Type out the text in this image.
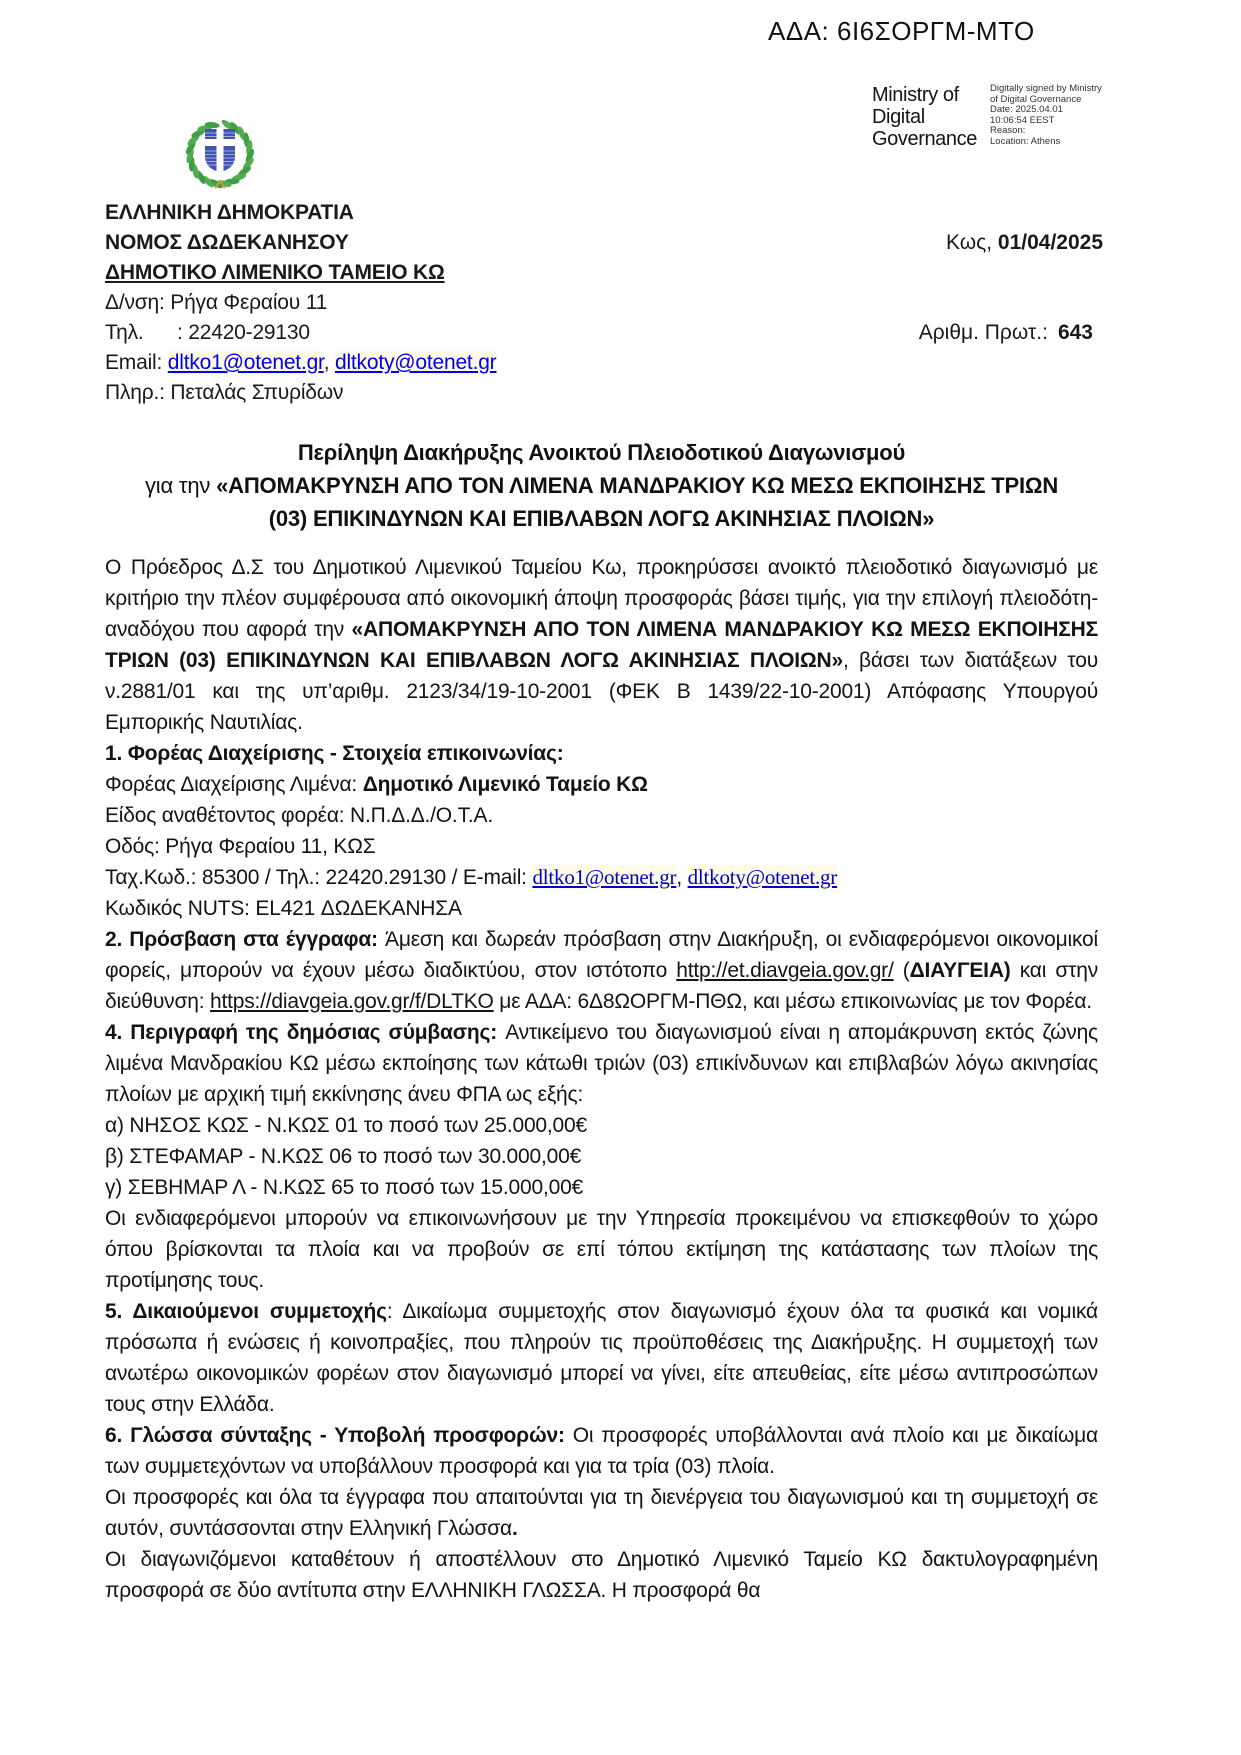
ΑΔΑ: 6Ι6ΣΟΡΓΜ-ΜΤΟ
Ministry of Digital Governance
Digitally signed by Ministry
of Digital Governance
Date: 2025.04.01
10:06:54 EEST
Reason:
Location: Athens
ΕΛΛΗΝΙΚΗ ΔΗΜΟΚΡΑΤΙΑ
ΝΟΜΟΣ ΔΩΔΕΚΑΝΗΣΟΥ
ΔΗΜΟΤΙΚΟ ΛΙΜΕΝΙΚΟ ΤΑΜΕΙΟ ΚΩ
Δ/νση: Ρήγα Φεραίου 11
Τηλ. : 22420-29130
Email: dltko1@otenet.gr, dltkoty@otenet.gr
Πληρ.: Πεταλάς Σπυρίδων
Κως, 01/04/2025
Αριθμ. Πρωτ.: 643
Περίληψη Διακήρυξης Ανοικτού Πλειοδοτικού Διαγωνισμού
για την «ΑΠΟΜΑΚΡΥΝΣΗ ΑΠΟ ΤΟΝ ΛΙΜΕΝΑ ΜΑΝΔΡΑΚΙΟΥ ΚΩ ΜΕΣΩ ΕΚΠΟΙΗΣΗΣ ΤΡΙΩΝ
(03) ΕΠΙΚΙΝΔΥΝΩΝ ΚΑΙ ΕΠΙΒΛΑΒΩΝ ΛΟΓΩ ΑΚΙΝΗΣΙΑΣ ΠΛΟΙΩΝ»

Ο Πρόεδρος Δ.Σ του Δημοτικού Λιμενικού Ταμείου Κω, προκηρύσσει ανοικτό πλειοδοτικό διαγωνισμό με κριτήριο την πλέον συμφέρουσα από οικονομική άποψη προσφοράς βάσει τιμής, για την επιλογή πλειοδότη-αναδόχου που αφορά την «ΑΠΟΜΑΚΡΥΝΣΗ ΑΠΟ ΤΟΝ ΛΙΜΕΝΑ ΜΑΝΔΡΑΚΙΟΥ ΚΩ ΜΕΣΩ ΕΚΠΟΙΗΣΗΣ ΤΡΙΩΝ (03) ΕΠΙΚΙΝΔΥΝΩΝ ΚΑΙ ΕΠΙΒΛΑΒΩΝ ΛΟΓΩ ΑΚΙΝΗΣΙΑΣ ΠΛΟΙΩΝ», βάσει των διατάξεων του ν.2881/01 και της υπ’αριθμ. 2123/34/19-10-2001 (ΦΕΚ Β 1439/22-10-2001) Απόφασης Υπουργού Εμπορικής Ναυτιλίας.

1. Φορέας Διαχείρισης - Στοιχεία επικοινωνίας:

Φορέας Διαχείρισης Λιμένα: Δημοτικό Λιμενικό Ταμείο ΚΩ

Είδος αναθέτοντος φορέα: Ν.Π.Δ.Δ./Ο.Τ.Α.

Οδός: Ρήγα Φεραίου 11, ΚΩΣ

Ταχ.Κωδ.: 85300 / Τηλ.: 22420.29130 / E-mail: dltko1@otenet.gr, dltkoty@otenet.gr

Κωδικός NUTS: EL421 ΔΩΔΕΚΑΝΗΣΑ

2. Πρόσβαση στα έγγραφα: Άμεση και δωρεάν πρόσβαση στην Διακήρυξη, οι ενδιαφερόμενοι οικονομικοί φορείς, μπορούν να έχουν μέσω διαδικτύου, στον ιστότοπο http://et.diavgeia.gov.gr/ (ΔΙΑΥΓΕΙΑ) και στην διεύθυνση: https://diavgeia.gov.gr/f/DLTKO με ΑΔΑ: 6Δ8ΩΟΡΓΜ-ΠΘΩ, και μέσω επικοινωνίας με τον Φορέα.

4. Περιγραφή της δημόσιας σύμβασης: Αντικείμενο του διαγωνισμού είναι η απομάκρυνση εκτός ζώνης λιμένα Μανδρακίου ΚΩ μέσω εκποίησης των κάτωθι τριών (03) επικίνδυνων και επιβλαβών λόγω ακινησίας πλοίων με αρχική τιμή εκκίνησης άνευ ΦΠΑ ως εξής:

α) ΝΗΣΟΣ ΚΩΣ - Ν.ΚΩΣ 01 το ποσό των 25.000,00€

β) ΣΤΕΦΑΜΑΡ - Ν.ΚΩΣ 06 το ποσό των 30.000,00€

γ) ΣΕΒΗΜΑΡ Λ - Ν.ΚΩΣ 65 το ποσό των 15.000,00€

Οι ενδιαφερόμενοι μπορούν να επικοινωνήσουν με την Υπηρεσία προκειμένου να επισκεφθούν το χώρο όπου βρίσκονται τα πλοία και να προβούν σε επί τόπου εκτίμηση της κατάστασης των πλοίων της προτίμησης τους.

5. Δικαιούμενοι συμμετοχής: Δικαίωμα συμμετοχής στον διαγωνισμό έχουν όλα τα φυσικά και νομικά πρόσωπα ή ενώσεις ή κοινοπραξίες, που πληρούν τις προϋποθέσεις της Διακήρυξης. Η συμμετοχή των ανωτέρω οικονομικών φορέων στον διαγωνισμό μπορεί να γίνει, είτε απευθείας, είτε μέσω αντιπροσώπων τους στην Ελλάδα.

6. Γλώσσα σύνταξης - Υποβολή προσφορών: Οι προσφορές υποβάλλονται ανά πλοίο και με δικαίωμα των συμμετεχόντων να υποβάλλουν προσφορά και για τα τρία (03) πλοία.

Οι προσφορές και όλα τα έγγραφα που απαιτούνται για τη διενέργεια του διαγωνισμού και τη συμμετοχή σε αυτόν, συντάσσονται στην Ελληνική Γλώσσα.

Οι διαγωνιζόμενοι καταθέτουν ή αποστέλλουν στο Δημοτικό Λιμενικό Ταμείο ΚΩ δακτυλογραφημένη προσφορά σε δύο αντίτυπα στην ΕΛΛΗΝΙΚΗ ΓΛΩΣΣΑ. Η προσφορά θα
